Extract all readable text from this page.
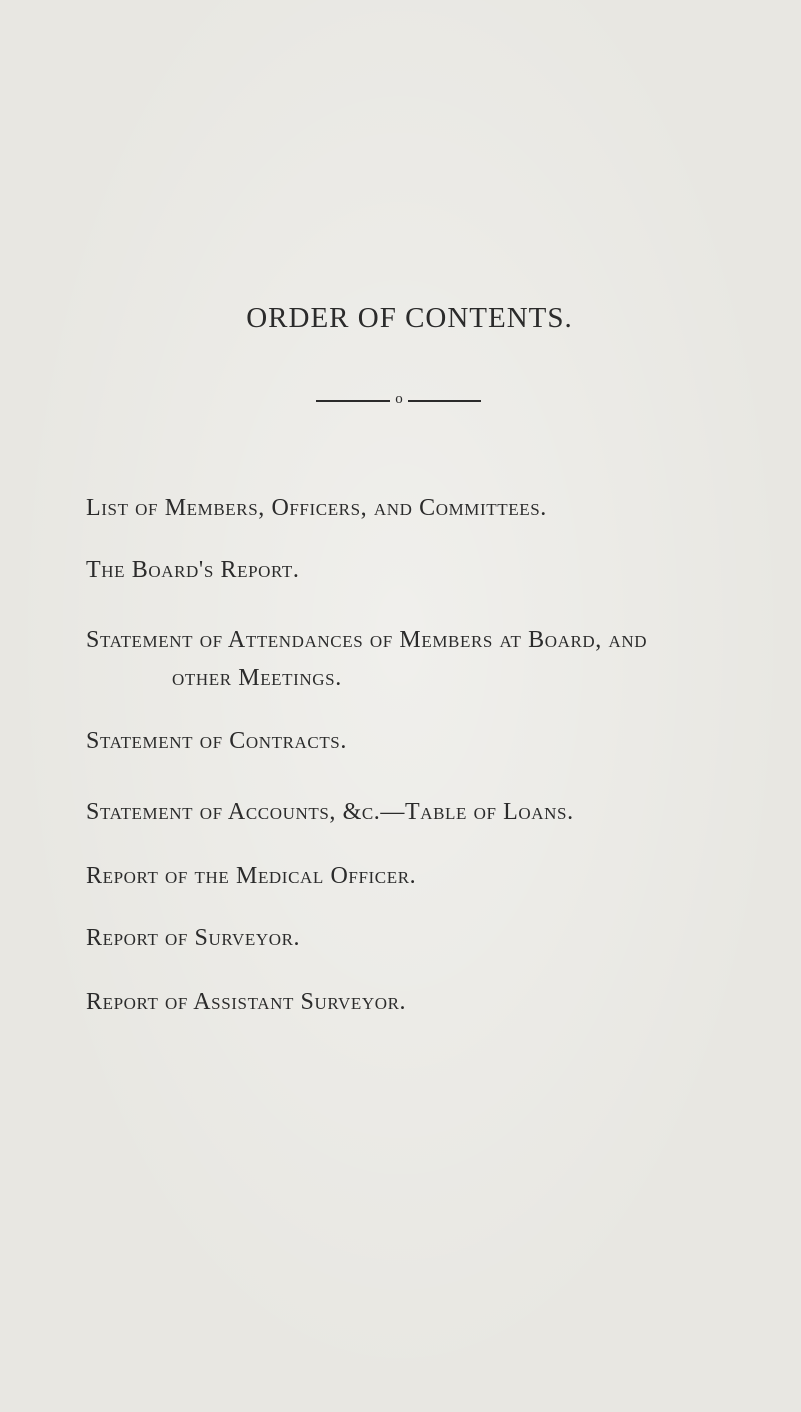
ORDER OF CONTENTS.
o
List of Members, Officers, and Committees.
The Board's Report.
Statement of Attendances of Members at Board, and
other Meetings.
Statement of Contracts.
Statement of Accounts, &c.—Table of Loans.
Report of the Medical Officer.
Report of Surveyor.
Report of Assistant Surveyor.
